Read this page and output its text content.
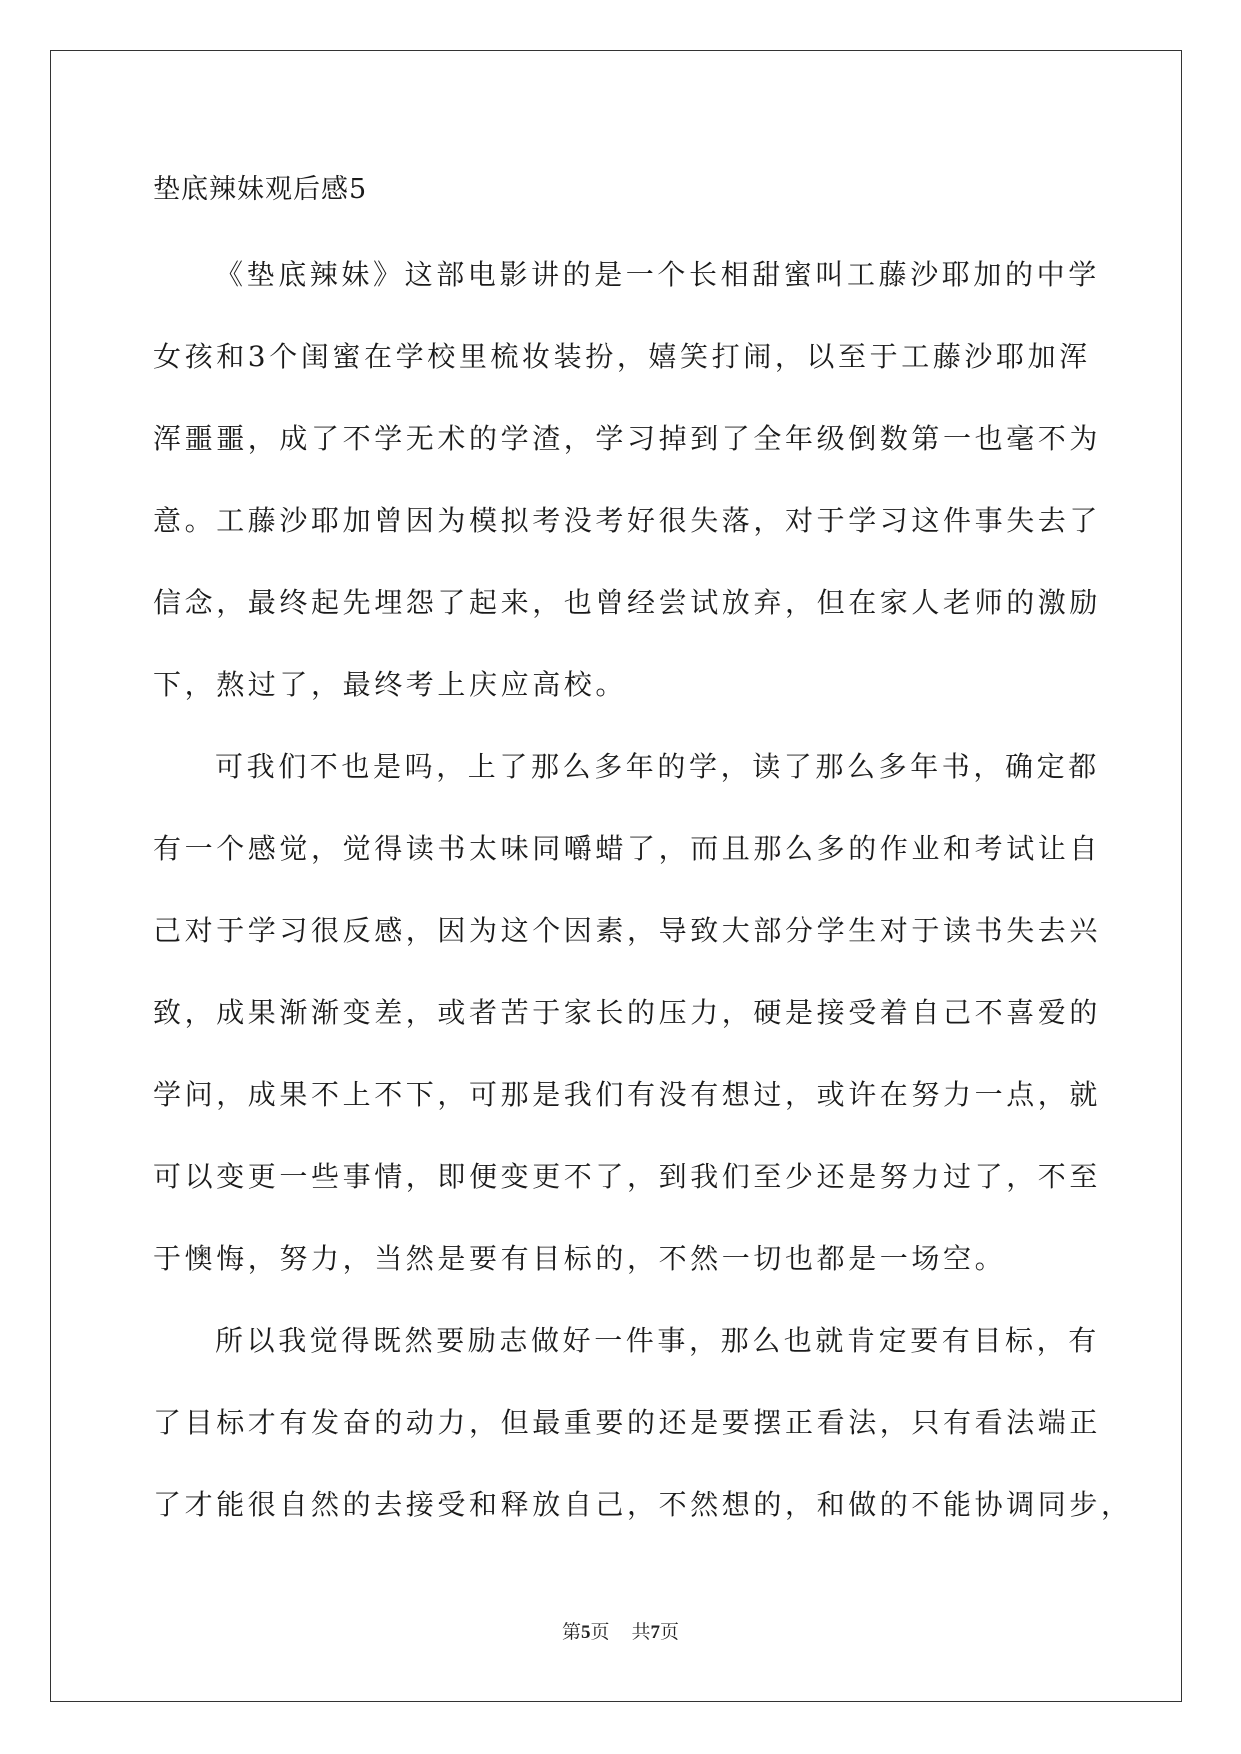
垫底辣妹观后感5
《垫底辣妹》这部电影讲的是一个长相甜蜜叫工藤沙耶加的中学
女孩和3个闺蜜在学校里梳妆装扮，嬉笑打闹，以至于工藤沙耶加浑
浑噩噩，成了不学无术的学渣，学习掉到了全年级倒数第一也毫不为
意。工藤沙耶加曾因为模拟考没考好很失落，对于学习这件事失去了
信念，最终起先埋怨了起来，也曾经尝试放弃，但在家人老师的激励
下，熬过了，最终考上庆应高校。
可我们不也是吗，上了那么多年的学，读了那么多年书，确定都
有一个感觉，觉得读书太味同嚼蜡了，而且那么多的作业和考试让自
己对于学习很反感，因为这个因素，导致大部分学生对于读书失去兴
致，成果渐渐变差，或者苦于家长的压力，硬是接受着自己不喜爱的
学问，成果不上不下，可那是我们有没有想过，或许在努力一点，就
可以变更一些事情，即便变更不了，到我们至少还是努力过了，不至
于懊悔，努力，当然是要有目标的，不然一切也都是一场空。
所以我觉得既然要励志做好一件事，那么也就肯定要有目标，有
了目标才有发奋的动力，但最重要的还是要摆正看法，只有看法端正
了才能很自然的去接受和释放自己，不然想的，和做的不能协调同步，
第5页 共7页
